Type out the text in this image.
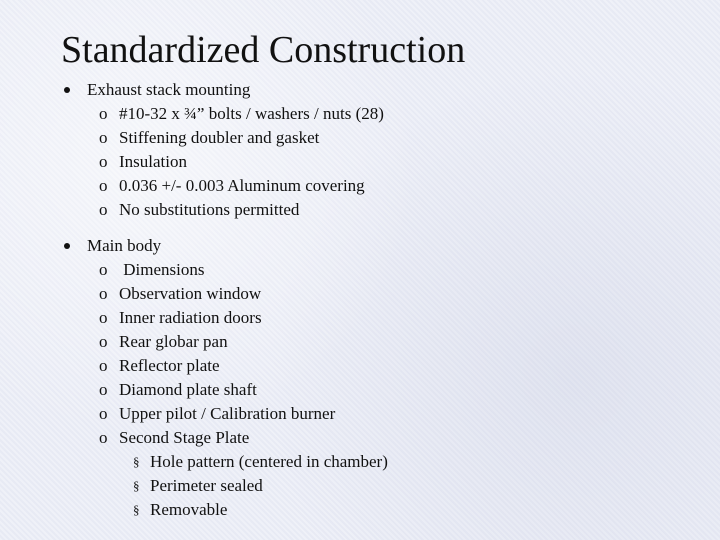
Standardized Construction
Exhaust stack mounting
o #10-32 x ¾” bolts / washers / nuts (28)
o Stiffening doubler and gasket
o Insulation
o 0.036 +/- 0.003 Aluminum covering
o No substitutions permitted
Main body
o Dimensions
o Observation window
o Inner radiation doors
o Rear globar pan
o Reflector plate
o Diamond plate shaft
o Upper pilot / Calibration burner
o Second Stage Plate
§ Hole pattern (centered in chamber)
§ Perimeter sealed
§ Removable
